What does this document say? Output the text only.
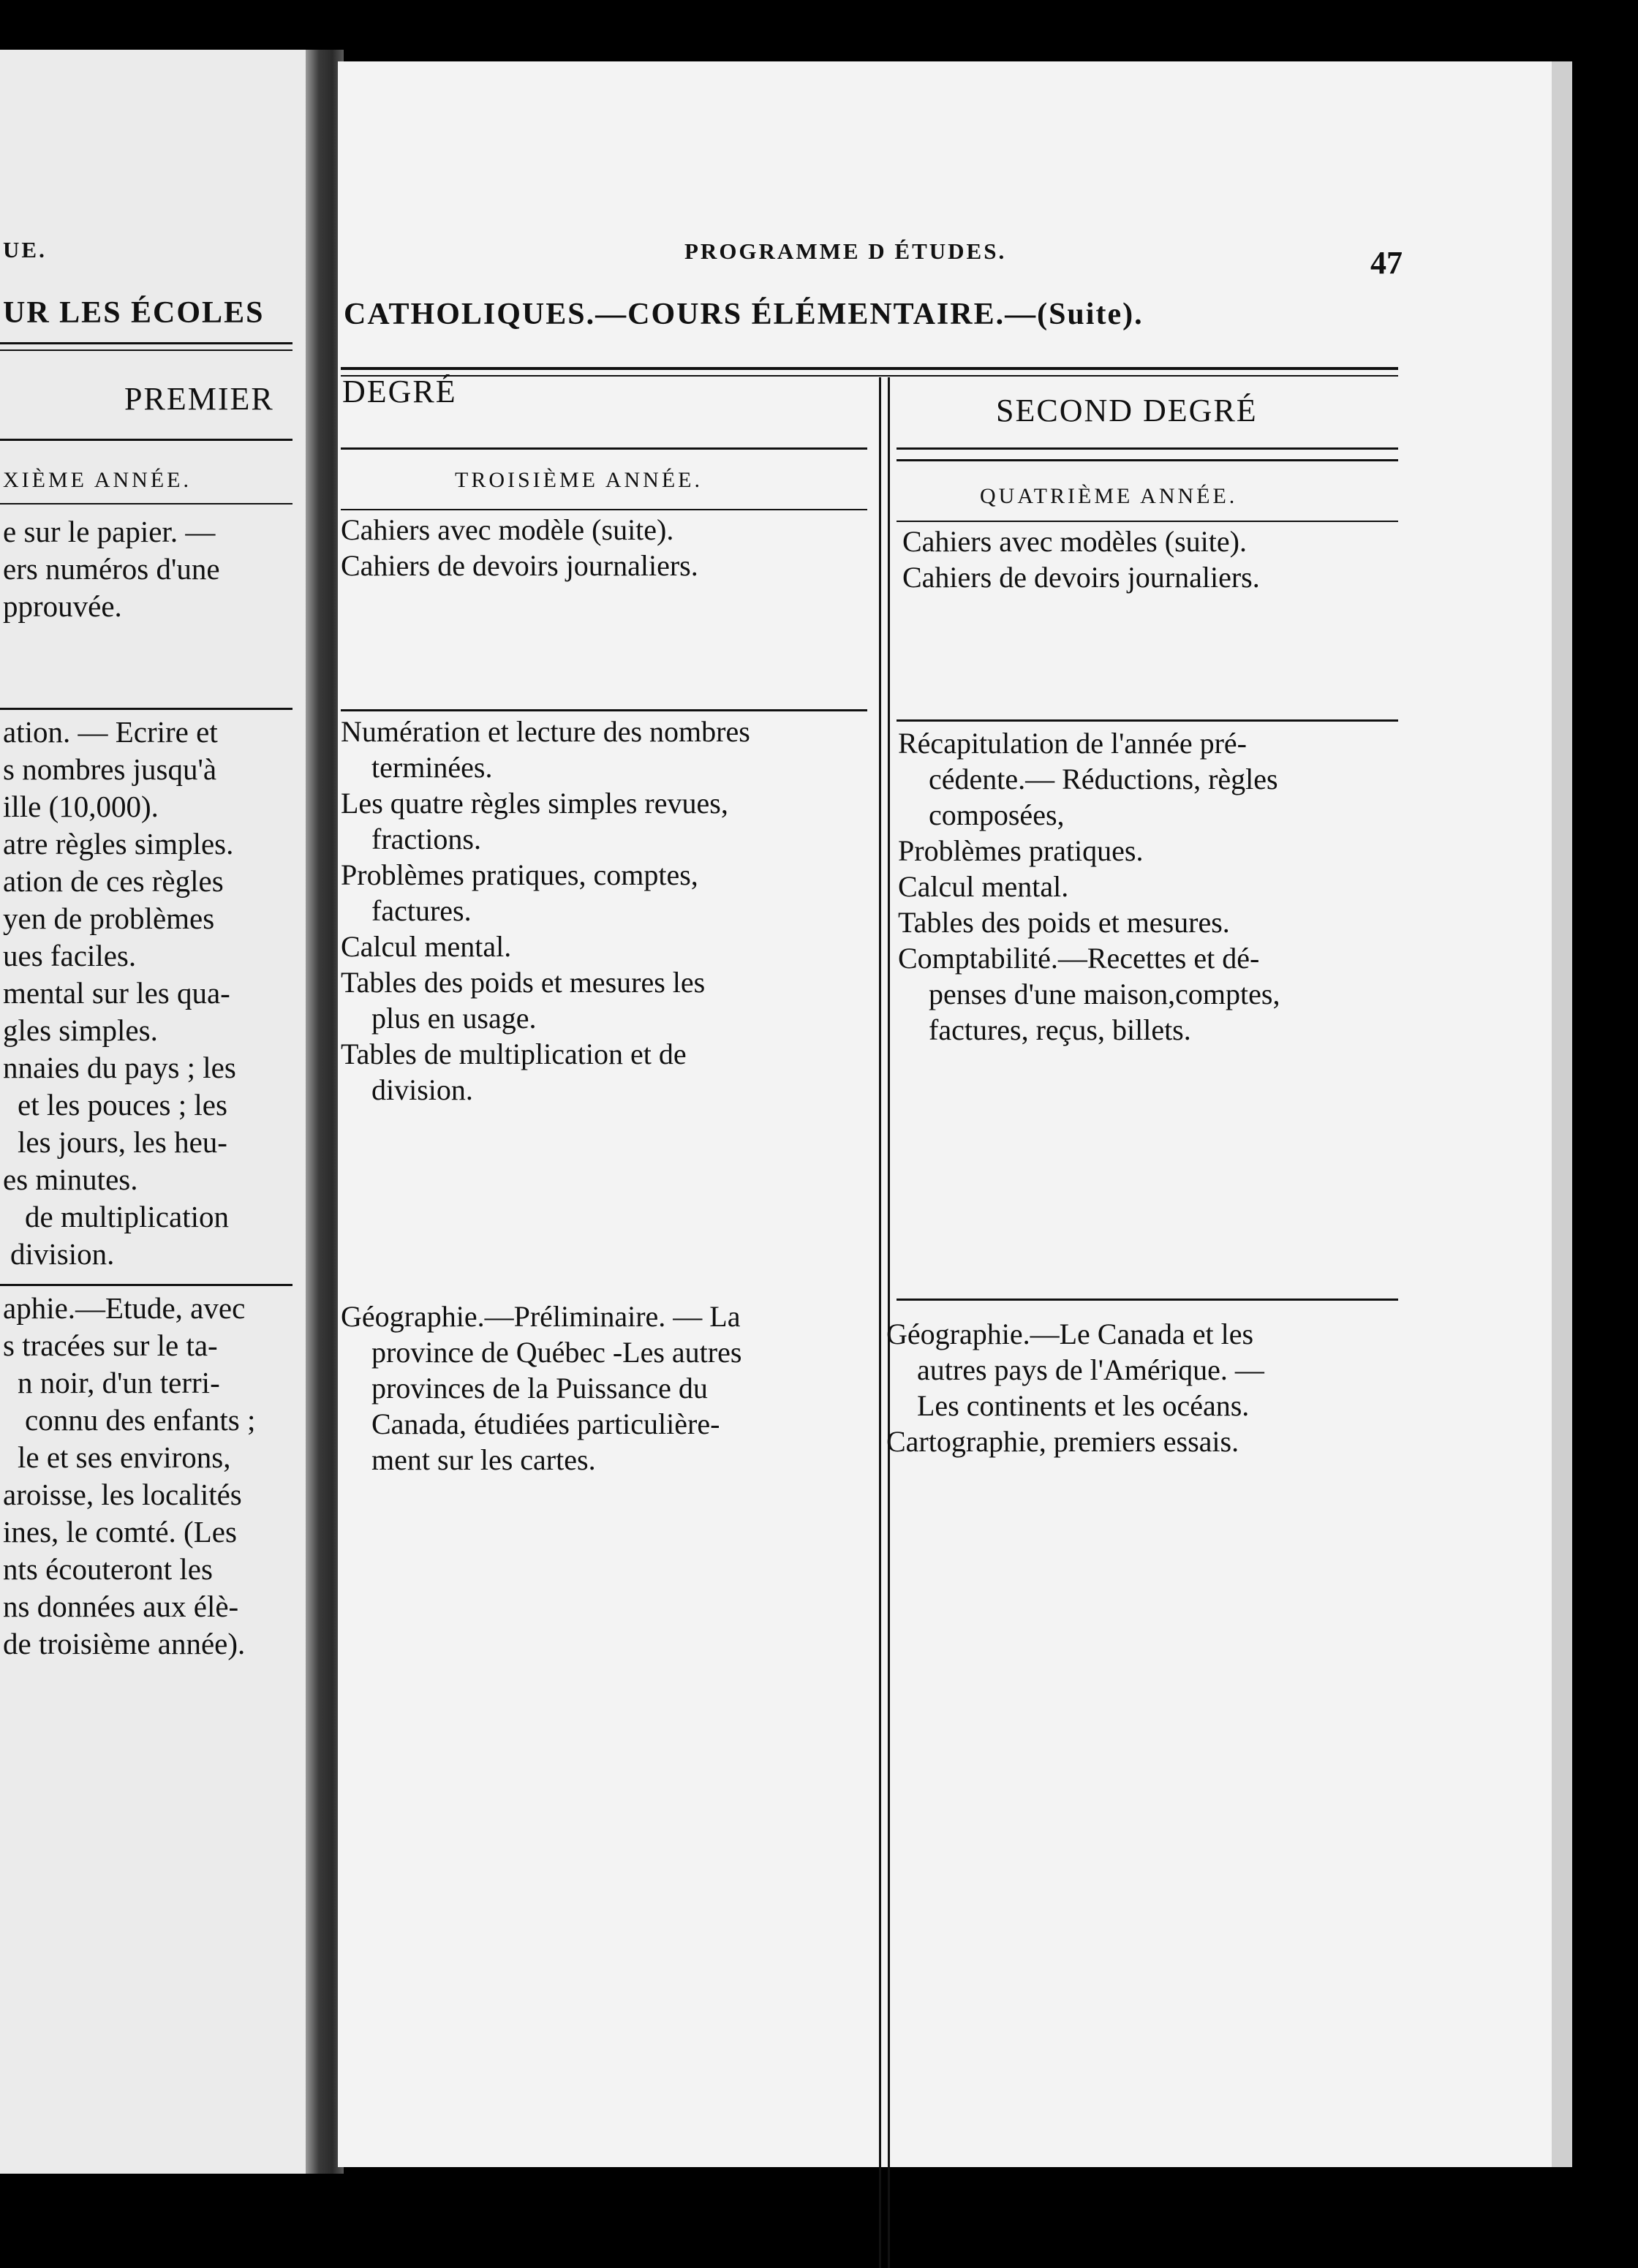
UE.
UR LES ÉCOLES
PREMIER
XIÈME ANNÉE.
e sur le papier. —
ers numéros d'une
pprouvée.
ation. — Ecrire et
s nombres jusqu'à
ille (10,000).
atre règles simples.
ation de ces règles
yen de problèmes
ues faciles.
mental sur les qua-
gles simples.
nnaies du pays ; les
et les pouces ; les
les jours, les heu-
es minutes.
de multiplication
division.
aphie.—Etude, avec
s tracées sur le ta-
n noir, d'un terri-
connu des enfants ;
le et ses environs,
aroisse, les localités
ines, le comté. (Les
nts écouteront les
ns données aux élè-
de troisième année).
PROGRAMME D ÉTUDES.	47
CATHOLIQUES.—COURS ÉLÉMENTAIRE.—(Suite).
DEGRÉ
SECOND DEGRÉ
TROISIÈME ANNÉE.
QUATRIÈME ANNÉE.
Cahiers avec modèle (suite).
Cahiers de devoirs journaliers.
Cahiers avec modèles (suite).
Cahiers de devoirs journaliers.
Numération et lecture des nombres
terminées.
Les quatre règles simples revues,
fractions.
Problèmes pratiques, comptes,
factures.
Calcul mental.
Tables des poids et mesures les
plus en usage.
Tables de multiplication et de
division.
Récapitulation de l'année pré-
cédente.— Réductions, règles
composées,
Problèmes pratiques.
Calcul mental.
Tables des poids et mesures.
Comptabilité.—Recettes et dé-
penses d'une maison,comptes,
factures, reçus, billets.
Géographie.—Préliminaire. — La
province de Québec -Les autres
provinces de la Puissance du
Canada, étudiées particulière-
ment sur les cartes.
Géographie.—Le Canada et les
autres pays de l'Amérique. —
Les continents et les océans.
Cartographie, premiers essais.
